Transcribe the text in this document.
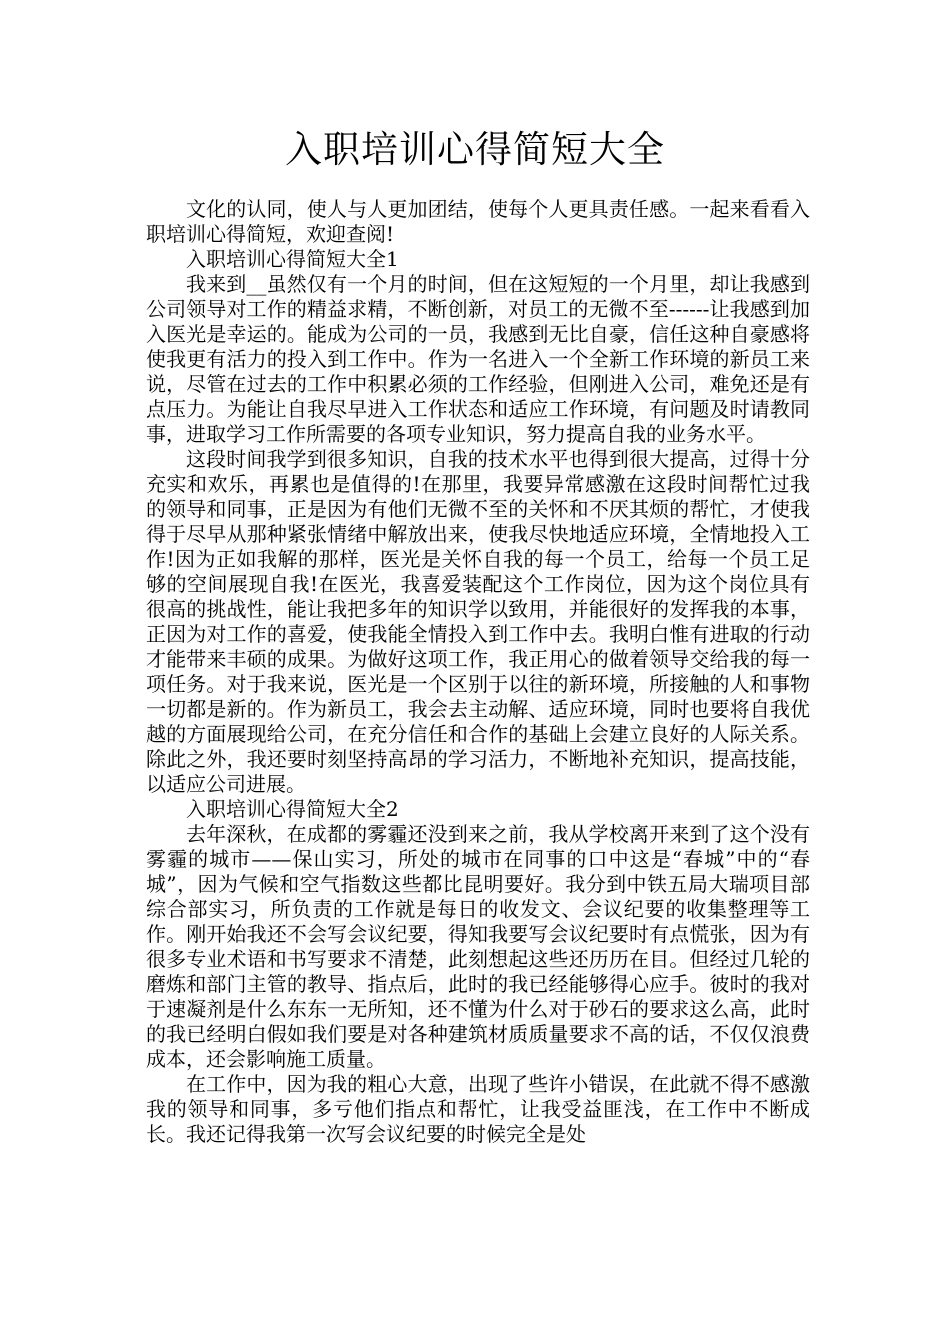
入职培训心得简短大全

文化的认同，使人与人更加团结，使每个人更具责任感。一起来看看入职培训心得简短，欢迎查阅!

入职培训心得简短大全1

我来到__虽然仅有一个月的时间，但在这短短的一个月里，却让我感到公司领导对工作的精益求精，不断创新，对员工的无微不至------让我感到加入医光是幸运的。能成为公司的一员，我感到无比自豪，信任这种自豪感将使我更有活力的投入到工作中。作为一名进入一个全新工作环境的新员工来说，尽管在过去的工作中积累必须的工作经验，但刚进入公司，难免还是有点压力。为能让自我尽早进入工作状态和适应工作环境，有问题及时请教同事，进取学习工作所需要的各项专业知识，努力提高自我的业务水平。

这段时间我学到很多知识，自我的技术水平也得到很大提高，过得十分充实和欢乐，再累也是值得的!在那里，我要异常感激在这段时间帮忙过我的领导和同事，正是因为有他们无微不至的关怀和不厌其烦的帮忙，才使我得于尽早从那种紧张情绪中解放出来，使我尽快地适应环境，全情地投入工作!因为正如我解的那样，医光是关怀自我的每一个员工，给每一个员工足够的空间展现自我!在医光，我喜爱装配这个工作岗位，因为这个岗位具有很高的挑战性，能让我把多年的知识学以致用，并能很好的发挥我的本事，正因为对工作的喜爱，使我能全情投入到工作中去。我明白惟有进取的行动才能带来丰硕的成果。为做好这项工作，我正用心的做着领导交给我的每一项任务。对于我来说，医光是一个区别于以往的新环境，所接触的人和事物一切都是新的。作为新员工，我会去主动解、适应环境，同时也要将自我优越的方面展现给公司，在充分信任和合作的基础上会建立良好的人际关系。除此之外，我还要时刻坚持高昂的学习活力，不断地补充知识，提高技能，以适应公司进展。

入职培训心得简短大全2

去年深秋，在成都的雾霾还没到来之前，我从学校离开来到了这个没有雾霾的城市——保山实习，所处的城市在同事的口中这是“春城”中的“春城”，因为气候和空气指数这些都比昆明要好。我分到中铁五局大瑞项目部综合部实习，所负责的工作就是每日的收发文、会议纪要的收集整理等工作。刚开始我还不会写会议纪要，得知我要写会议纪要时有点慌张，因为有很多专业术语和书写要求不清楚，此刻想起这些还历历在目。但经过几轮的磨炼和部门主管的教导、指点后，此时的我已经能够得心应手。彼时的我对于速凝剂是什么东东一无所知，还不懂为什么对于砂石的要求这么高，此时的我已经明白假如我们要是对各种建筑材质质量要求不高的话，不仅仅浪费成本，还会影响施工质量。

在工作中，因为我的粗心大意，出现了些许小错误，在此就不得不感激我的领导和同事，多亏他们指点和帮忙，让我受益匪浅，在工作中不断成长。我还记得我第一次写会议纪要的时候完全是处
